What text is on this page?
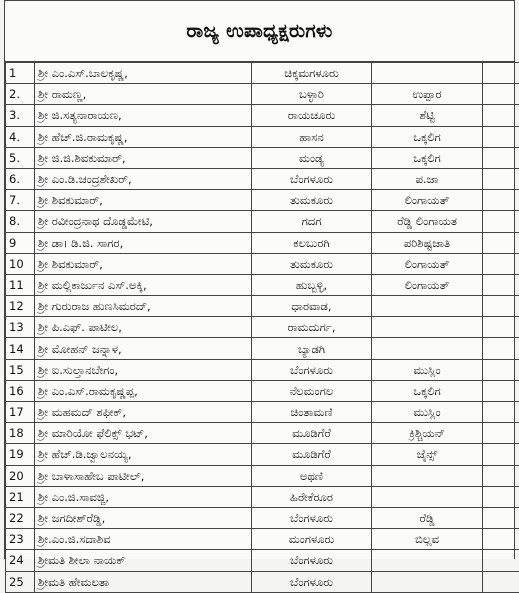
ರಾಜ್ಯ ಉಪಾಧ್ಯಕ್ಷರುಗಳು
1	ಶ್ರೀ ಎಂ.ಎಸ್.ಬಾಲಕೃಷ್ಣ,	ಚಿಕ್ಕಮಗಳೂರು		
2.	ಶ್ರೀ ರಾಮಣ್ಣ,	ಬಳ್ಳಾರಿ	ಉಪ್ಪಾರ	
3.	ಶ್ರೀ ಜಿ.ಸತ್ಯನಾರಾಯಣ,	ರಾಯಚೂರು	ಶೆಟ್ಟಿ	
4.	ಶ್ರೀ ಹೆಚ್.ಜಿ.ರಾಮಕೃಷ್ಣ,	ಹಾಸನ	ಒಕ್ಕಲಿಗ	
5.	ಶ್ರೀ ಜಿ.ಜಿ.ಶಿವಕುಮಾರ್,	ಮಂಡ್ಯ	ಒಕ್ಕಲಿಗ	
6.	ಶ್ರೀ ಎಂ.ಡಿ.ಚಂದ್ರಶೇಖರ್,	ಬೆಂಗಳೂರು	ಪ.ಜಾ	
7.	ಶ್ರೀ ಶಿವಕುಮಾರ್,	ತುಮಕೂರು	ಲಿಂಗಾಯತ್	
8.	ಶ್ರೀ ರವೀಂದ್ರನಾಥ ದೊಡ್ಡಮೇಟಿ,	ಗದಗ	ರೆಡ್ಡಿ ಲಿಂಗಾಯತ	
9	ಶ್ರೀ ಡಾ। ಡಿ.ಜಿ. ಸಾಗರ,	ಕಲಬುರಗಿ	ಪರಿಶಿಷ್ಟಜಾತಿ	
10	ಶ್ರೀ ಶಿವಕುಮಾರ್,	ತುಮಕೂರು	ಲಿಂಗಾಯತ್	
11	ಶ್ರೀ ಮಲ್ಲಿಕಾರ್ಜುನ ಎಸ್.ಅಕ್ಕಿ,	ಹುಬ್ಬಳ್ಳಿ,	ಲಿಂಗಾಯತ್	
12	ಶ್ರೀ ಗುರುರಾಜ ಹುಣಸಿಮರದ್,	ಧಾರವಾಡ,		
13	ಶ್ರೀ ಪಿ.ಎಫ್. ಪಾಟೀಲ,	ರಾಮದುರ್ಗ,		
14	ಶ್ರೀ ಮೋಹನ್ ಜನ್ನಾಳ,	ಬ್ಯಾಡಗಿ		
15	ಶ್ರೀ ಐ.ಸುಲ್ತಾನಬೇಗಂ,	ಬೆಂಗಳೂರು	ಮುಸ್ಲಿಂ	
16	ಶ್ರೀ ಎಂ.ಎಸ್.ರಾಮಕೃಷ್ಣಪ್ಪ,	ನೆಲಮಂಗಲ	ಒಕ್ಕಲಿಗ	
17	ಶ್ರೀ ಮಹಮದ್ ಶಫೀಕ್,	ಚಿಂತಾಮಣಿ	ಮುಸ್ಲಿಂ	
18	ಶ್ರೀ ಮಾರಿಯೋ ಫೆಲಿಕ್ಸ್ ಭಟ್,	ಮೂಡಿಗೆರೆ	ಕ್ರಿಶ್ಚಿಯನ್	
19	ಶ್ರೀ ಹೆಚ್.ಡಿ.ಜ್ವಾಲನಯ್ಯ,	ಮೂಡಿಗೆರೆ	ಜೈನ್ಸ್	
20	ಶ್ರೀ ಬಾಳಾಸಾಹೇಬ ಪಾಟೀಲ್,	ಅಥಣಿ		
21	ಶ್ರೀ ಎಂ.ಜಿ.ಸಾವಜ್ಜಿ,	ಹಿರೇಕೆರೂರ		
22	ಶ್ರೀ ಜಗದೀಶ್‌ರೆಡ್ಡಿ,	ಬೆಂಗಳೂರು	ರೆಡ್ಡಿ	
23	ಶ್ರೀ.ಎಂ.ಜಿ.ಸದಾಶಿವ	ಮಂಗಳೂರು	ಬಿಲ್ಲವ	
24	ಶ್ರೀಮತಿ ಶೀಲಾ ನಾಯಕ್	ಬೆಂಗಳೂರು		
25	ಶ್ರೀಮತಿ ಹೇಮಲತಾ	ಬೆಂಗಳೂರು		
